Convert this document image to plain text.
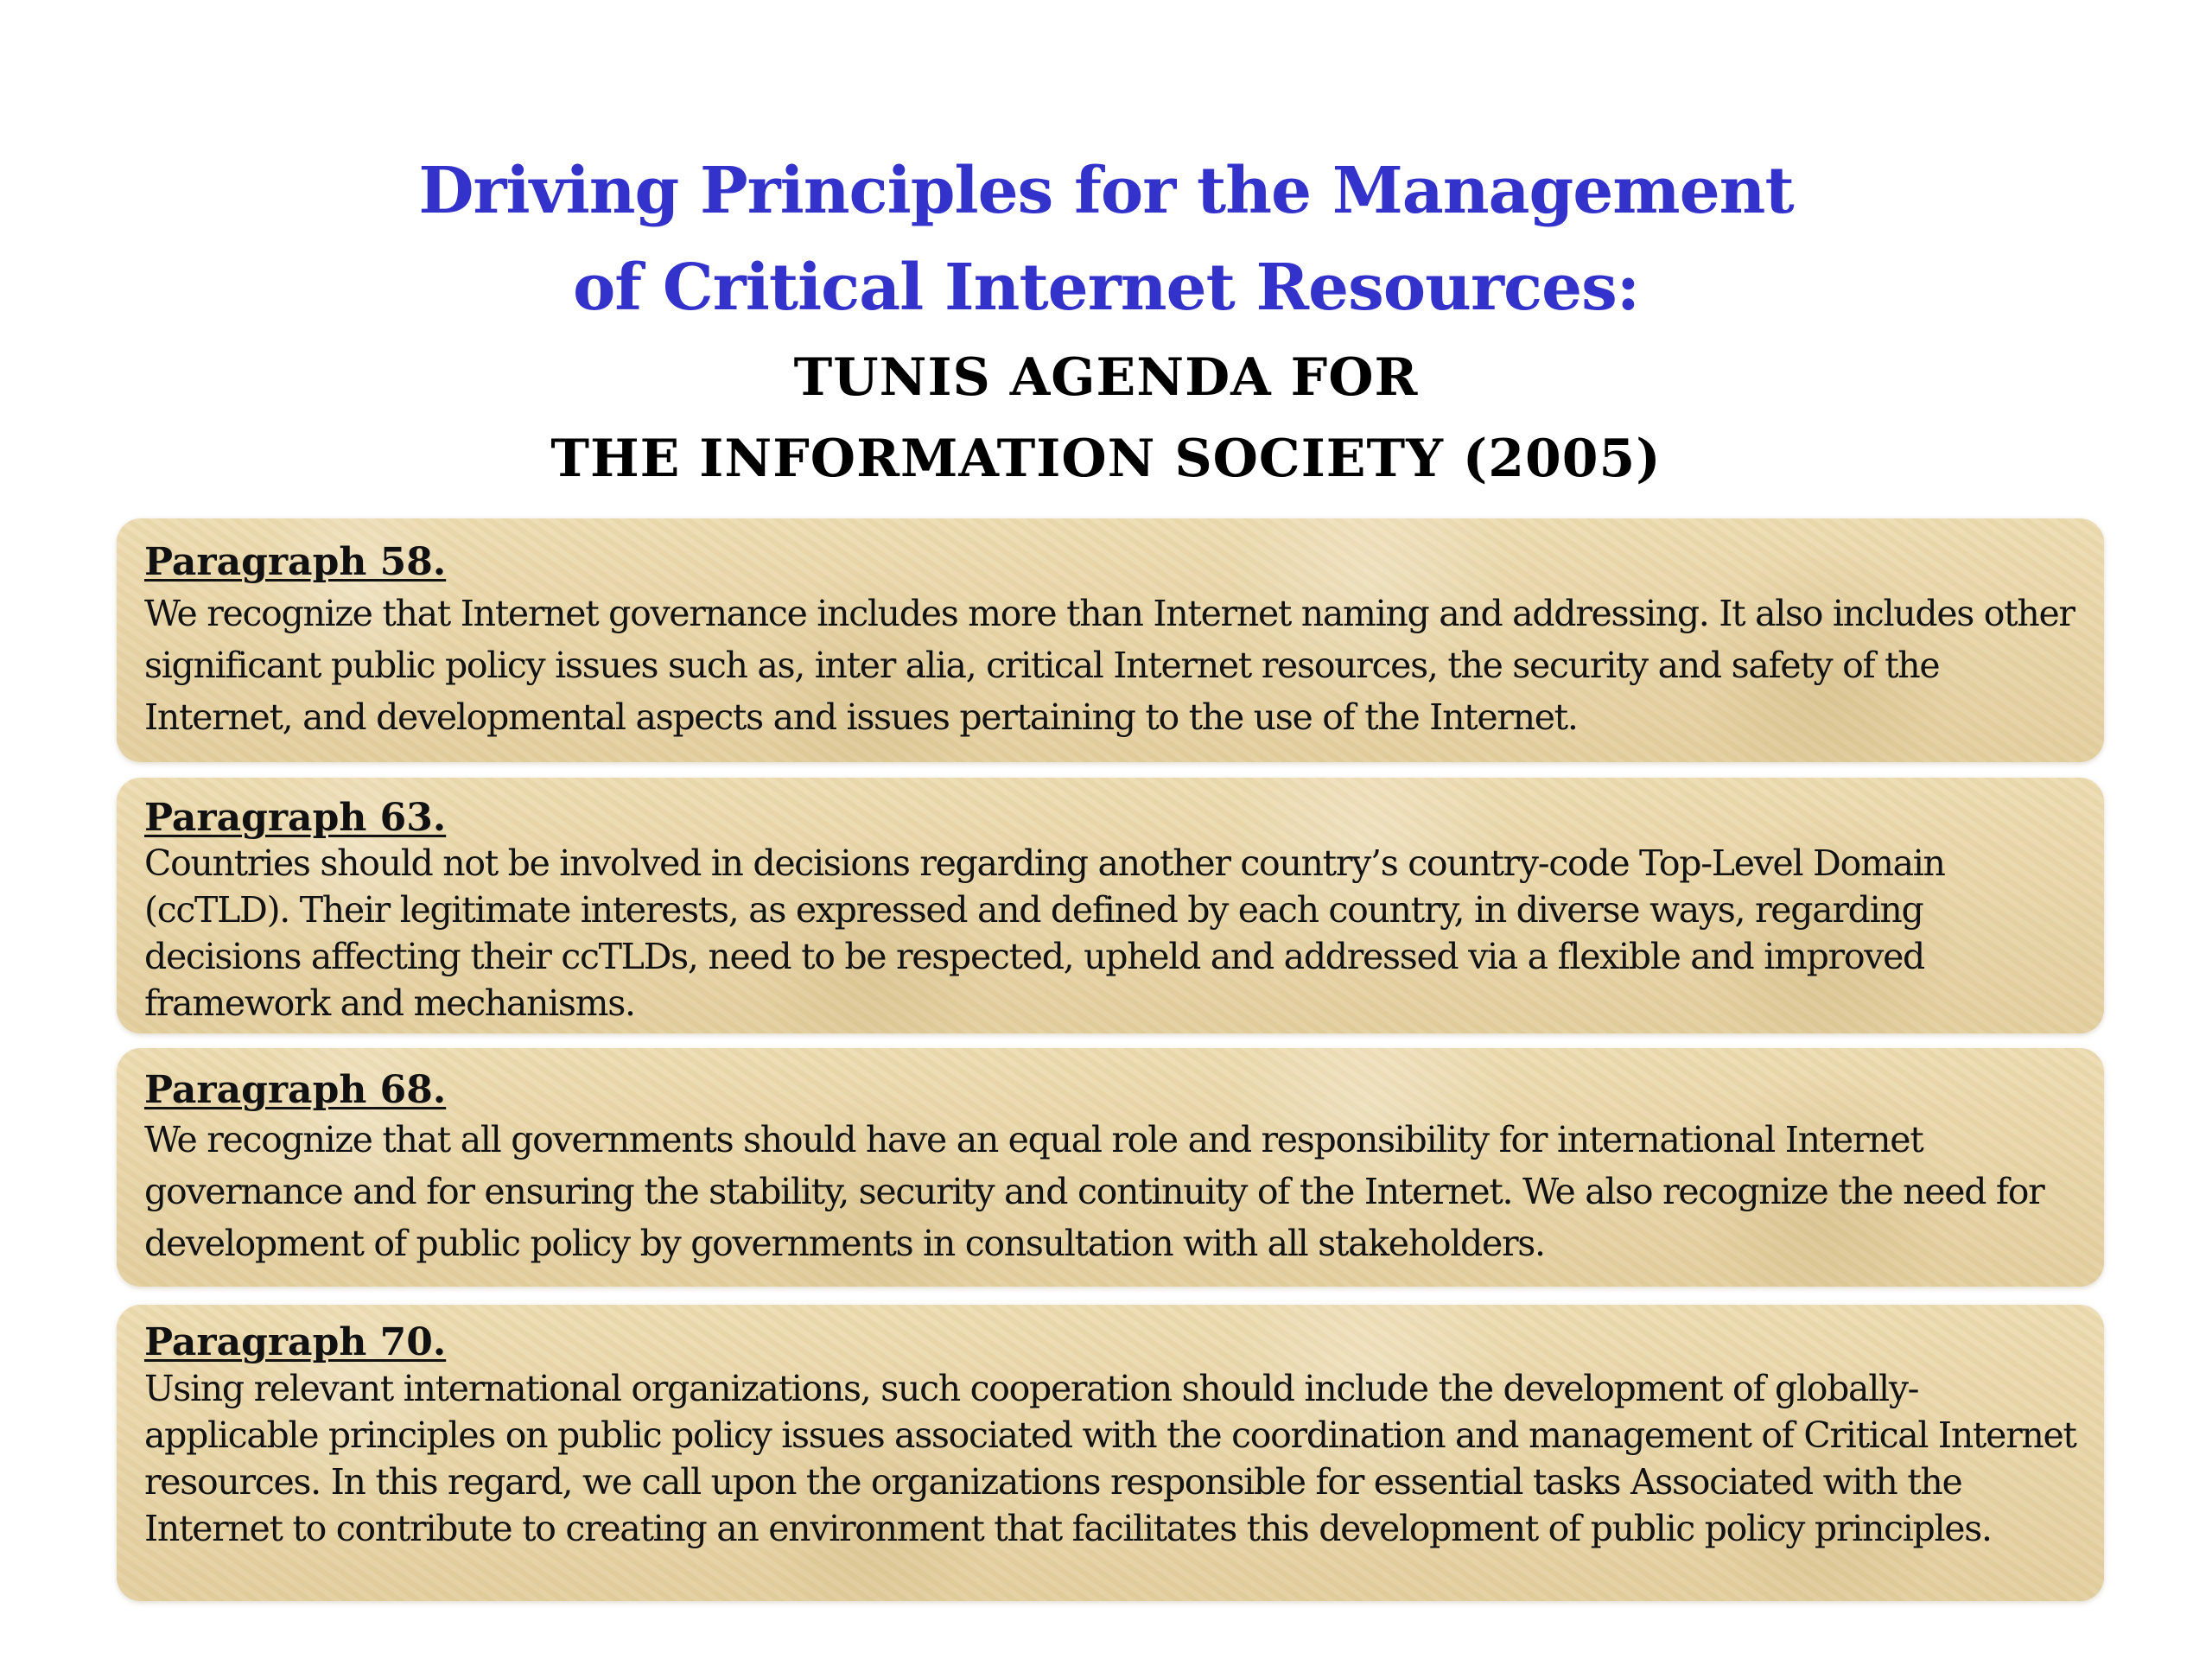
Driving Principles for the Management
of Critical Internet Resources:
TUNIS AGENDA FOR
THE INFORMATION SOCIETY (2005)
Paragraph 58.

We recognize that Internet governance includes more than Internet naming and addressing. It also includes other significant public policy issues such as, inter alia, critical Internet resources, the security and safety of the Internet, and developmental aspects and issues pertaining to the use of the Internet.

Paragraph 63.

Countries should not be involved in decisions regarding another country’s country-code Top-Level Domain (ccTLD). Their legitimate interests, as expressed and defined by each country, in diverse ways, regarding decisions affecting their ccTLDs, need to be respected, upheld and addressed via a flexible and improved framework and mechanisms.

Paragraph 68.

We recognize that all governments should have an equal role and responsibility for international Internet governance and for ensuring the stability, security and continuity of the Internet. We also recognize the need for development of public policy by governments in consultation with all stakeholders.

Paragraph 70.

Using relevant international organizations, such cooperation should include the development of globally-applicable principles on public policy issues associated with the coordination and management of Critical Internet resources. In this regard, we call upon the organizations responsible for essential tasks Associated with the Internet to contribute to creating an environment that facilitates this development of public policy principles.
